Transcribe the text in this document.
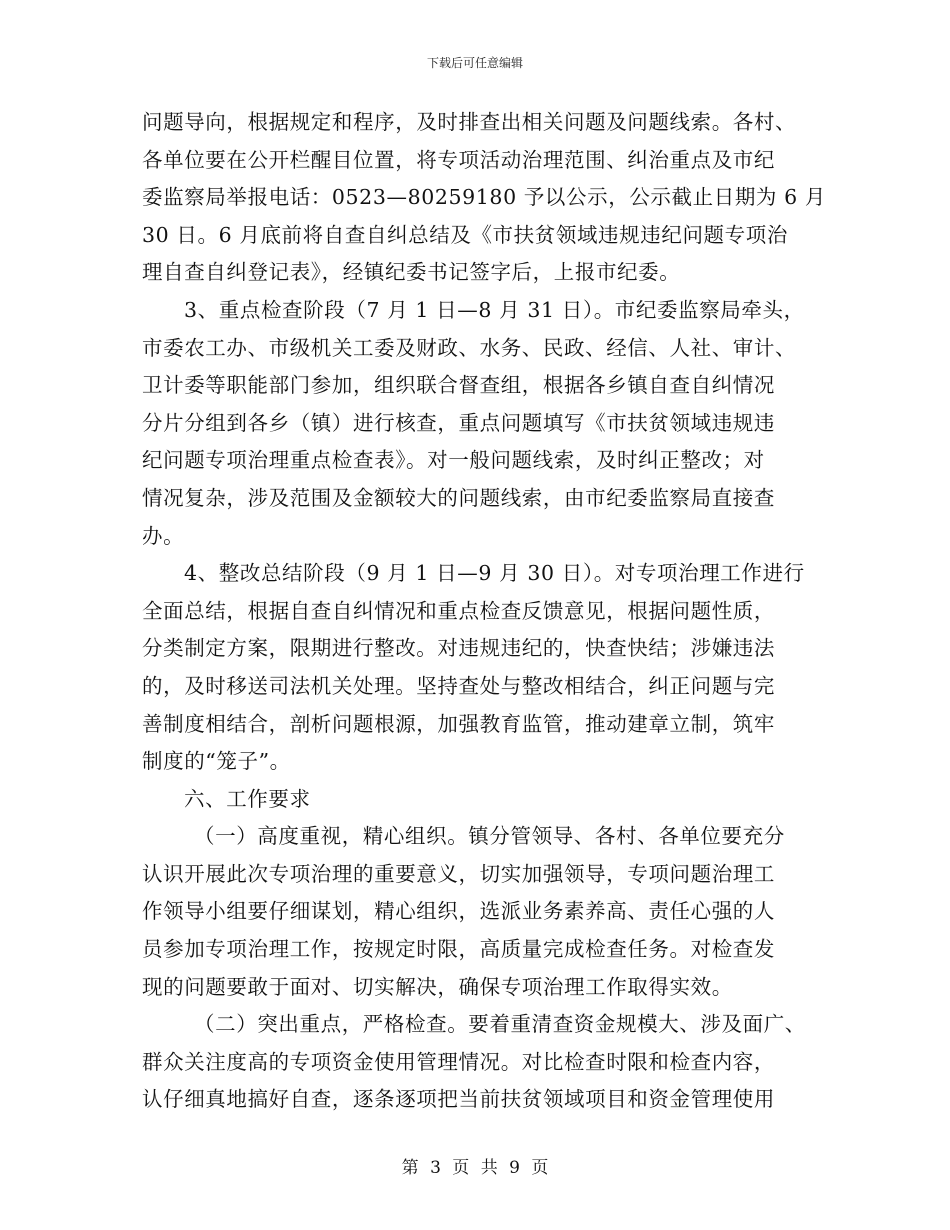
下载后可任意编辑
问题导向，根据规定和程序，及时排查出相关问题及问题线索。各村、
各单位要在公开栏醒目位置，将专项活动治理范围、纠治重点及市纪
委监察局举报电话：0523—80259180 予以公示，公示截止日期为 6 月
30 日。6 月底前将自查自纠总结及《市扶贫领域违规违纪问题专项治
理自查自纠登记表》，经镇纪委书记签字后，上报市纪委。
3、重点检查阶段（7 月 1 日—8 月 31 日）。市纪委监察局牵头，
市委农工办、市级机关工委及财政、水务、民政、经信、人社、审计、
卫计委等职能部门参加，组织联合督查组，根据各乡镇自查自纠情况
分片分组到各乡（镇）进行核查，重点问题填写《市扶贫领域违规违
纪问题专项治理重点检查表》。对一般问题线索，及时纠正整改；对
情况复杂，涉及范围及金额较大的问题线索，由市纪委监察局直接查
办。
4、整改总结阶段（9 月 1 日—9 月 30 日）。对专项治理工作进行
全面总结，根据自查自纠情况和重点检查反馈意见，根据问题性质，
分类制定方案，限期进行整改。对违规违纪的，快查快结；涉嫌违法
的，及时移送司法机关处理。坚持查处与整改相结合，纠正问题与完
善制度相结合，剖析问题根源，加强教育监管，推动建章立制，筑牢
制度的“笼子”。
六、工作要求
（一）高度重视，精心组织。镇分管领导、各村、各单位要充分
认识开展此次专项治理的重要意义，切实加强领导，专项问题治理工
作领导小组要仔细谋划，精心组织，选派业务素养高、责任心强的人
员参加专项治理工作，按规定时限，高质量完成检查任务。对检查发
现的问题要敢于面对、切实解决，确保专项治理工作取得实效。
（二）突出重点，严格检查。要着重清查资金规模大、涉及面广、
群众关注度高的专项资金使用管理情况。对比检查时限和检查内容，
认仔细真地搞好自查，逐条逐项把当前扶贫领域项目和资金管理使用
第 3 页 共 9 页
